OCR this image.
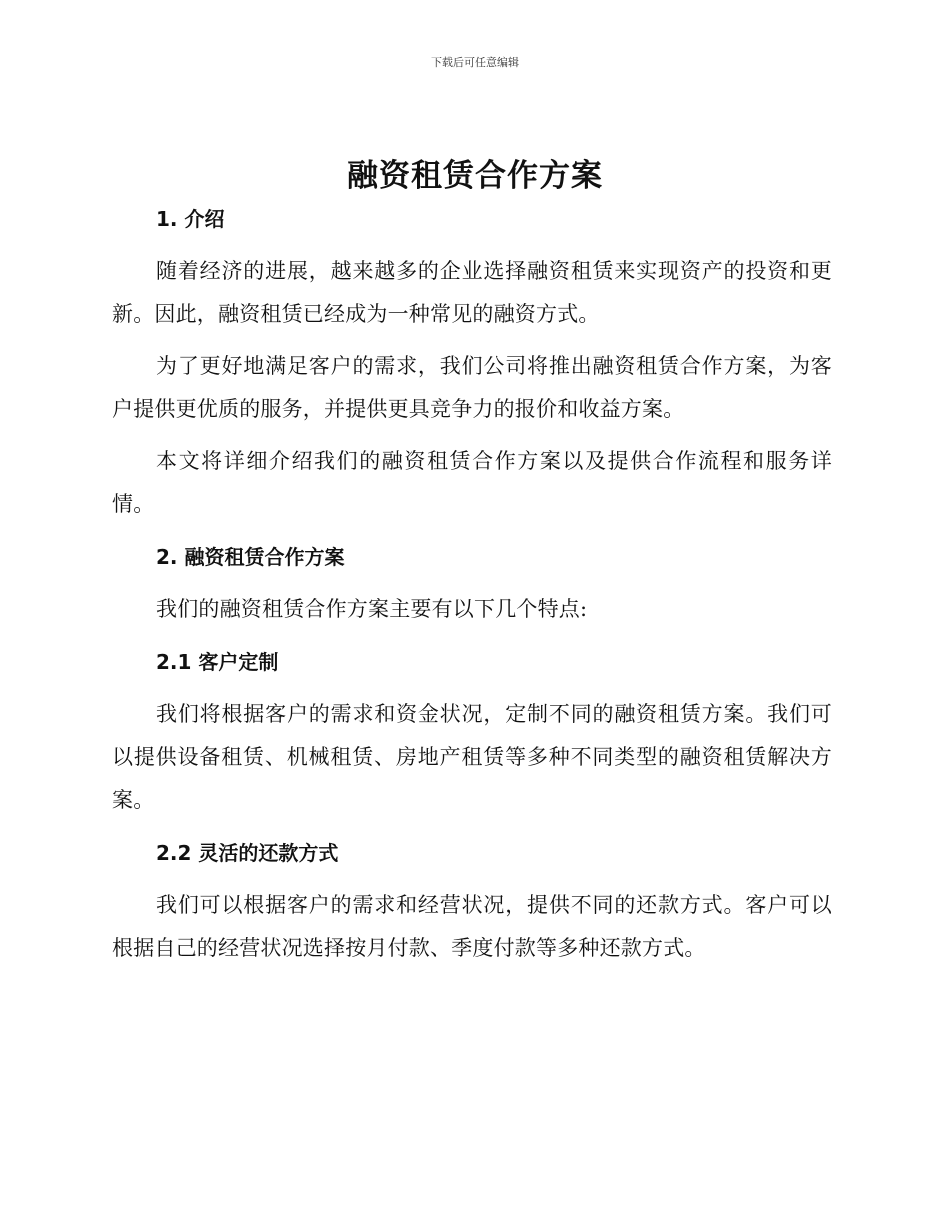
下载后可任意编辑
融资租赁合作方案
1. 介绍

随着经济的进展，越来越多的企业选择融资租赁来实现资产的投资和更新。因此，融资租赁已经成为一种常见的融资方式。

为了更好地满足客户的需求，我们公司将推出融资租赁合作方案，为客户提供更优质的服务，并提供更具竞争力的报价和收益方案。

本文将详细介绍我们的融资租赁合作方案以及提供合作流程和服务详情。

2. 融资租赁合作方案

我们的融资租赁合作方案主要有以下几个特点:

2.1 客户定制

我们将根据客户的需求和资金状况，定制不同的融资租赁方案。我们可以提供设备租赁、机械租赁、房地产租赁等多种不同类型的融资租赁解决方案。

2.2 灵活的还款方式

我们可以根据客户的需求和经营状况，提供不同的还款方式。客户可以根据自己的经营状况选择按月付款、季度付款等多种还款方式。
